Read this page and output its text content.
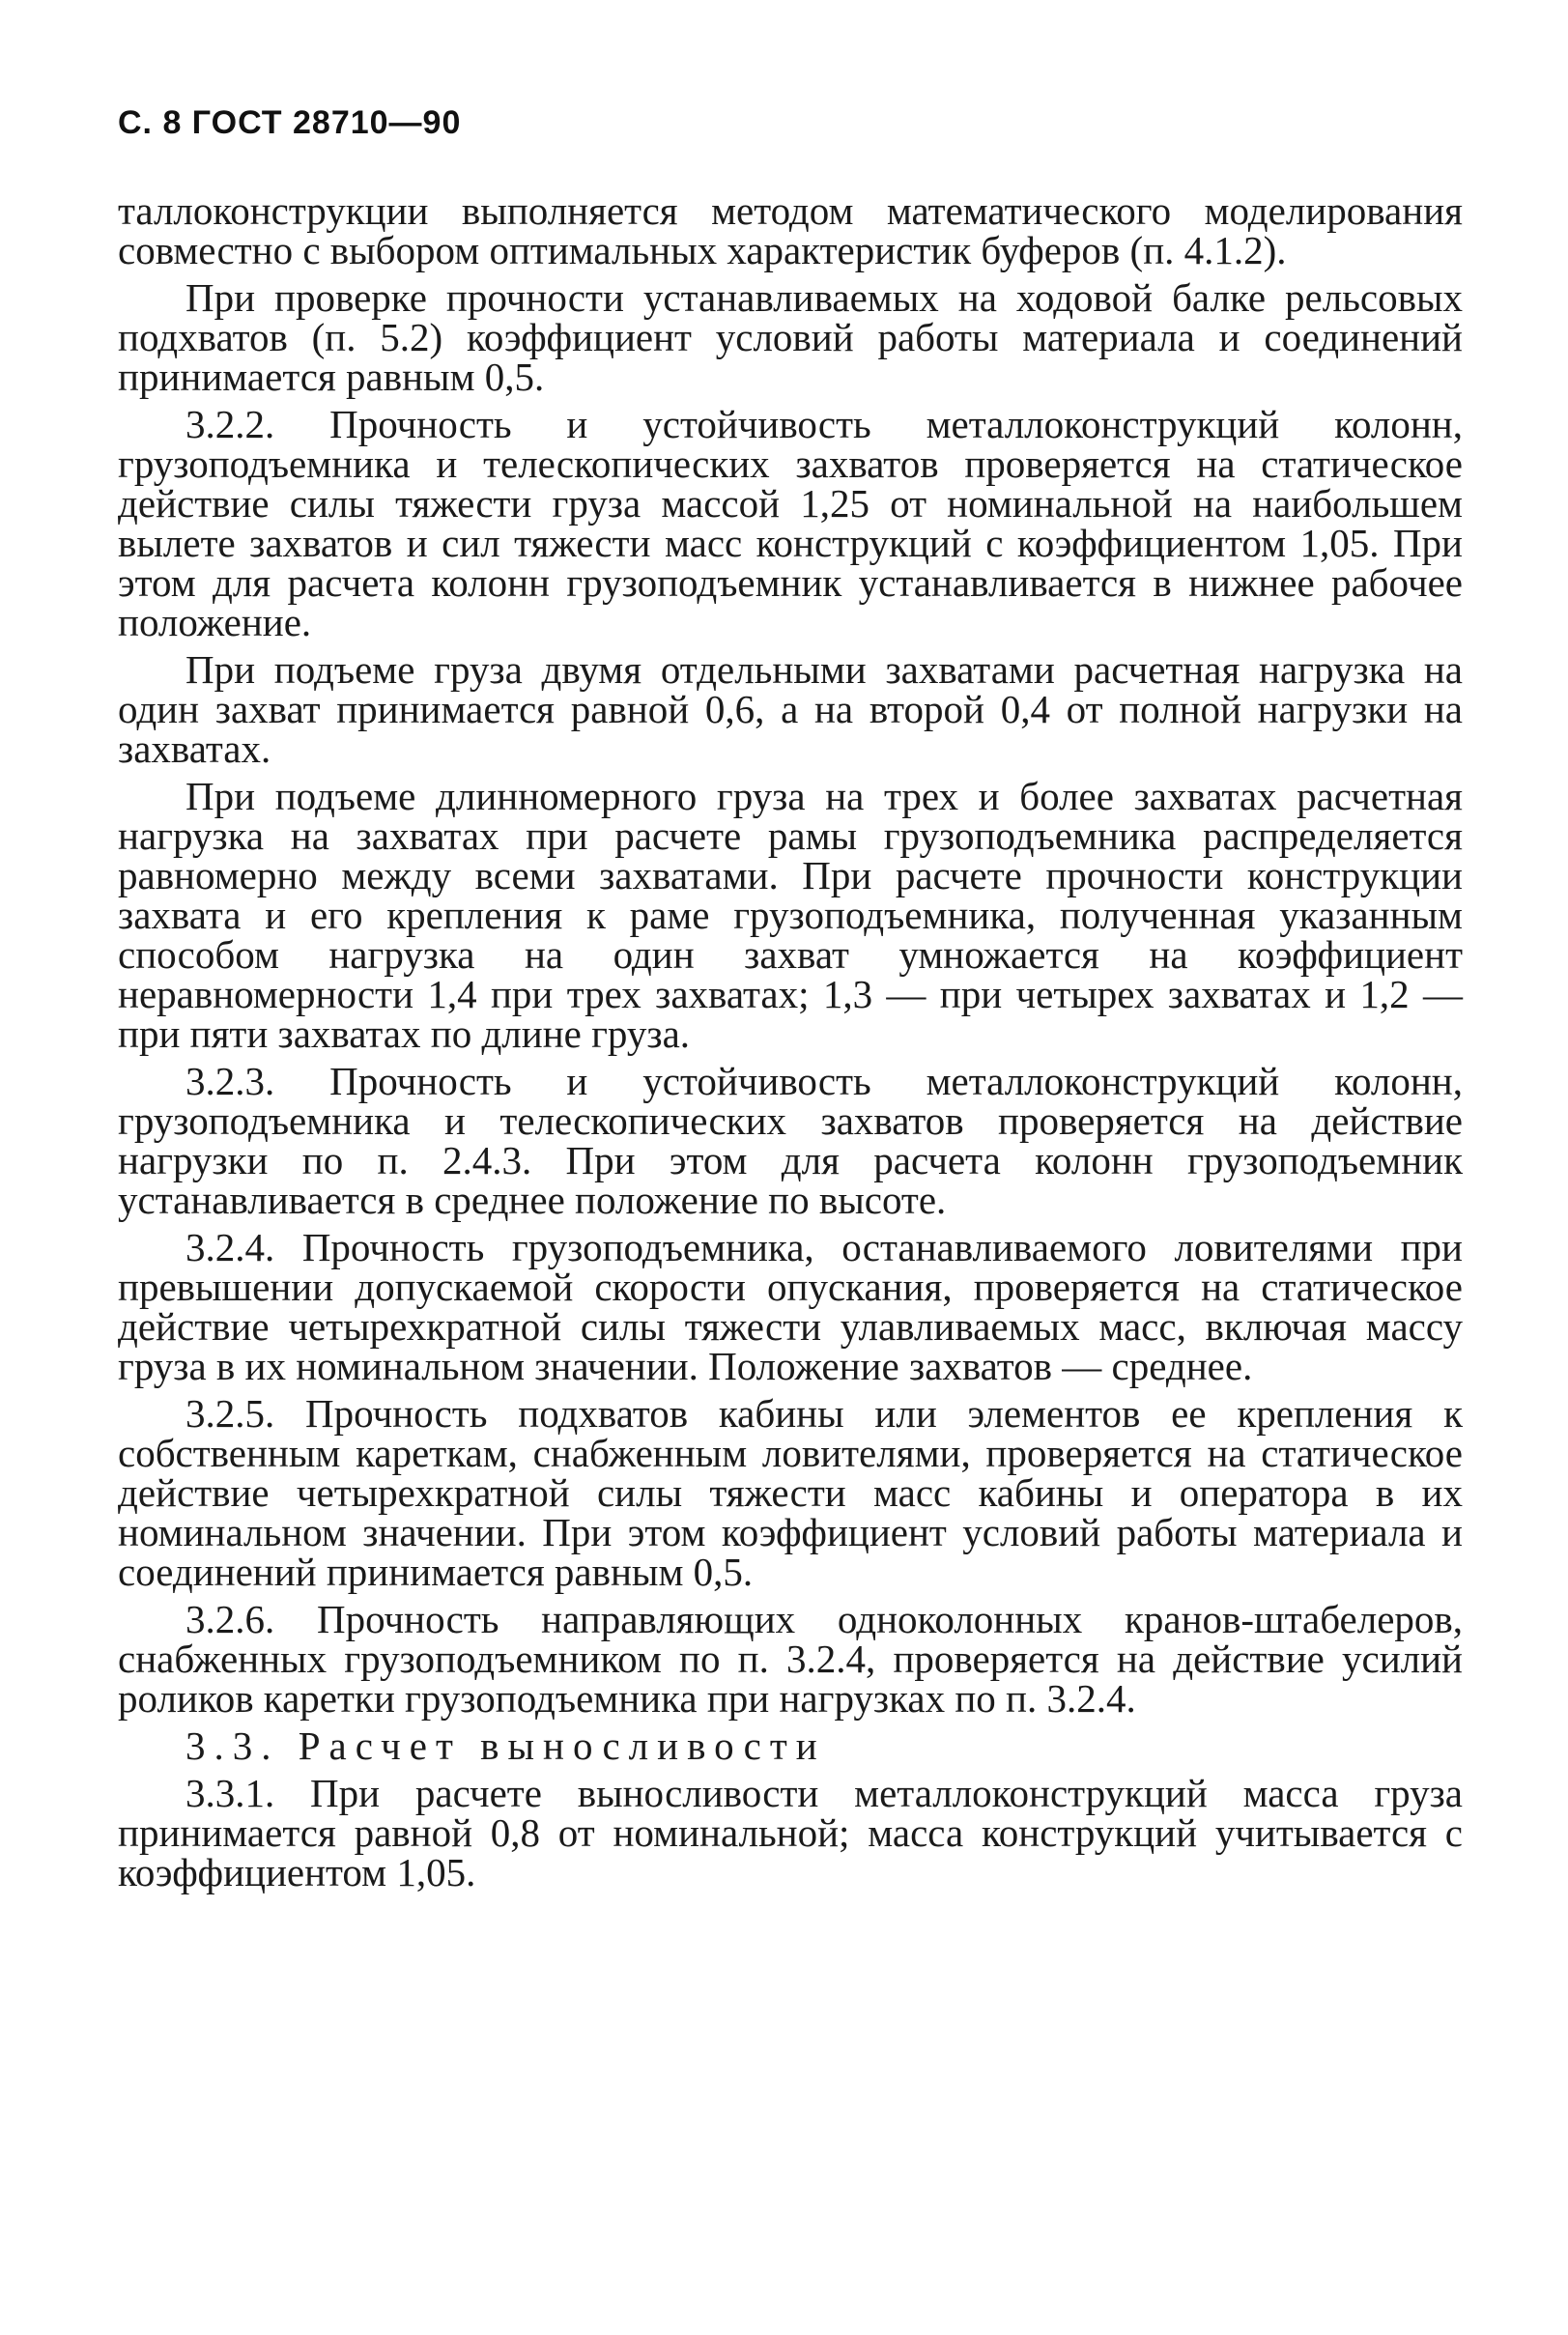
С. 8 ГОСТ 28710—90

таллоконструкции выполняется методом математического моделирования совместно с выбором оптимальных характеристик буферов (п. 4.1.2).

При проверке прочности устанавливаемых на ходовой балке рельсовых подхватов (п. 5.2) коэффициент условий работы материала и соединений принимается равным 0,5.

3.2.2. Прочность и устойчивость металлоконструкций колонн, грузоподъемника и телескопических захватов проверяется на статическое действие силы тяжести груза массой 1,25 от номинальной на наибольшем вылете захватов и сил тяжести масс конструкций с коэффициентом 1,05. При этом для расчета колонн грузоподъемник устанавливается в нижнее рабочее положение.

При подъеме груза двумя отдельными захватами расчетная нагрузка на один захват принимается равной 0,6, а на второй 0,4 от полной нагрузки на захватах.

При подъеме длинномерного груза на трех и более захватах расчетная нагрузка на захватах при расчете рамы грузоподъемника распределяется равномерно между всеми захватами. При расчете прочности конструкции захвата и его крепления к раме грузоподъемника, полученная указанным способом нагрузка на один захват умножается на коэффициент неравномерности 1,4 при трех захватах; 1,3 — при четырех захватах и 1,2 — при пяти захватах по длине груза.

3.2.3. Прочность и устойчивость металлоконструкций колонн, грузоподъемника и телескопических захватов проверяется на действие нагрузки по п. 2.4.3. При этом для расчета колонн грузоподъемник устанавливается в среднее положение по высоте.

3.2.4. Прочность грузоподъемника, останавливаемого ловителями при превышении допускаемой скорости опускания, проверяется на статическое действие четырехкратной силы тяжести улавливаемых масс, включая массу груза в их номинальном значении. Положение захватов — среднее.

3.2.5. Прочность подхватов кабины или элементов ее крепления к собственным кареткам, снабженным ловителями, проверяется на статическое действие четырехкратной силы тяжести масс кабины и оператора в их номинальном значении. При этом коэффициент условий работы материала и соединений принимается равным 0,5.

3.2.6. Прочность направляющих одноколонных кранов-штабелеров, снабженных грузоподъемником по п. 3.2.4, проверяется на действие усилий роликов каретки грузоподъемника при нагрузках по п. 3.2.4.

3.3. Расчет выносливости

3.3.1. При расчете выносливости металлоконструкций масса груза принимается равной 0,8 от номинальной; масса конструкций учитывается с коэффициентом 1,05.
